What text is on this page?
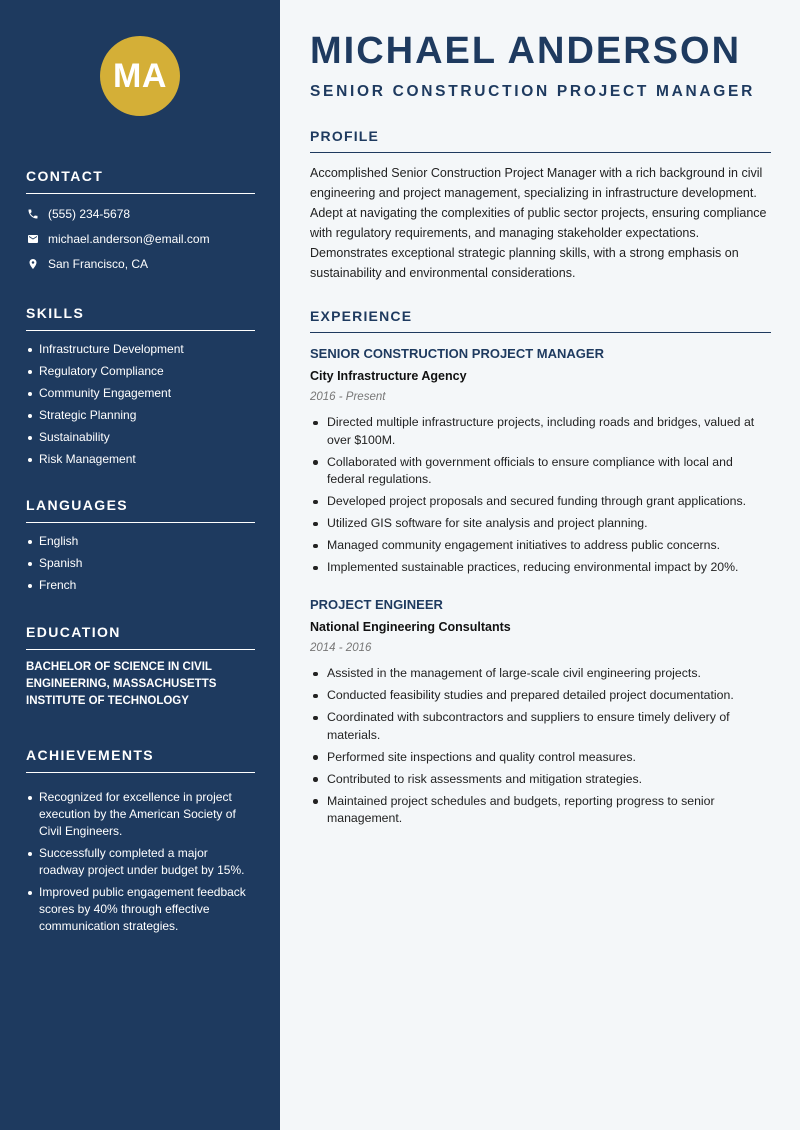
MA
CONTACT
(555) 234-5678
michael.anderson@email.com
San Francisco, CA
SKILLS
Infrastructure Development
Regulatory Compliance
Community Engagement
Strategic Planning
Sustainability
Risk Management
LANGUAGES
English
Spanish
French
EDUCATION

BACHELOR OF SCIENCE IN CIVIL ENGINEERING, MASSACHUSETTS INSTITUTE OF TECHNOLOGY

ACHIEVEMENTS
Recognized for excellence in project execution by the American Society of Civil Engineers.
Successfully completed a major roadway project under budget by 15%.
Improved public engagement feedback scores by 40% through effective communication strategies.
MICHAEL ANDERSON
SENIOR CONSTRUCTION PROJECT MANAGER
PROFILE

Accomplished Senior Construction Project Manager with a rich background in civil engineering and project management, specializing in infrastructure development. Adept at navigating the complexities of public sector projects, ensuring compliance with regulatory requirements, and managing stakeholder expectations. Demonstrates exceptional strategic planning skills, with a strong emphasis on sustainability and environmental considerations.

EXPERIENCE

SENIOR CONSTRUCTION PROJECT MANAGER

City Infrastructure Agency

2016 - Present

Directed multiple infrastructure projects, including roads and bridges, valued at over $100M.
Collaborated with government officials to ensure compliance with local and federal regulations.
Developed project proposals and secured funding through grant applications.
Utilized GIS software for site analysis and project planning.
Managed community engagement initiatives to address public concerns.
Implemented sustainable practices, reducing environmental impact by 20%.

PROJECT ENGINEER

National Engineering Consultants

2014 - 2016

Assisted in the management of large-scale civil engineering projects.
Conducted feasibility studies and prepared detailed project documentation.
Coordinated with subcontractors and suppliers to ensure timely delivery of materials.
Performed site inspections and quality control measures.
Contributed to risk assessments and mitigation strategies.
Maintained project schedules and budgets, reporting progress to senior management.
